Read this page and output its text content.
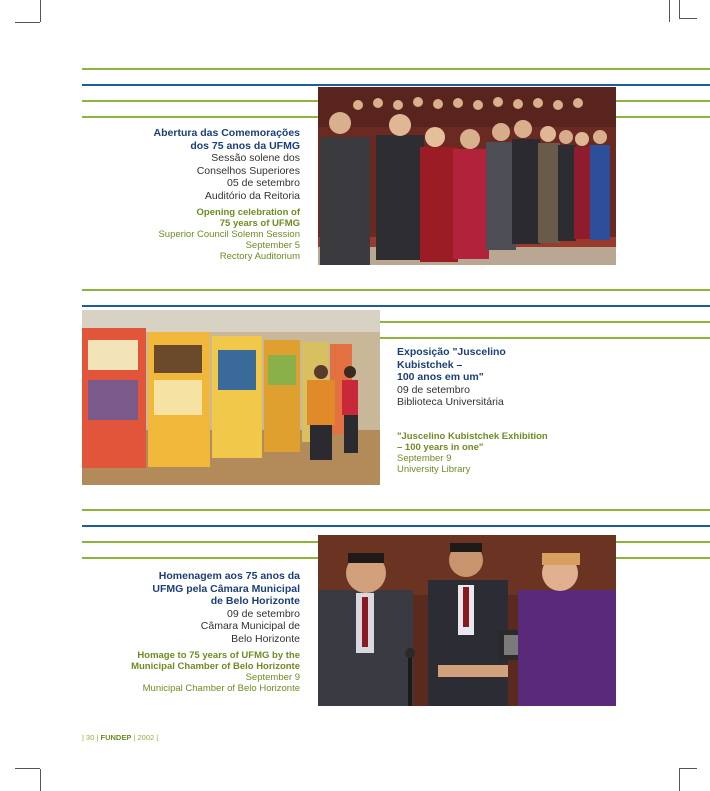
Abertura das Comemorações
dos 75 anos da UFMG
Sessão solene dos
Conselhos Superiores
05 de setembro
Auditório da Reitoria
Opening celebration of
75 years of UFMG
Superior Council Solemn Session
September 5
Rectory Auditorium
Exposição "Juscelino
Kubistchek –
100 anos em um"
09 de setembro
Biblioteca Universitária
"Juscelino Kubistchek Exhibition
– 100 years in one"
September 9
University Library
Homenagem aos 75 anos da
UFMG pela Câmara Municipal
de Belo Horizonte
09 de setembro
Câmara Municipal de
Belo Horizonte
Homage to 75 years of UFMG by the
Municipal Chamber of Belo Horizonte
September 9
Municipal Chamber of Belo Horizonte
| 30 | FUNDEP | 2002 |
